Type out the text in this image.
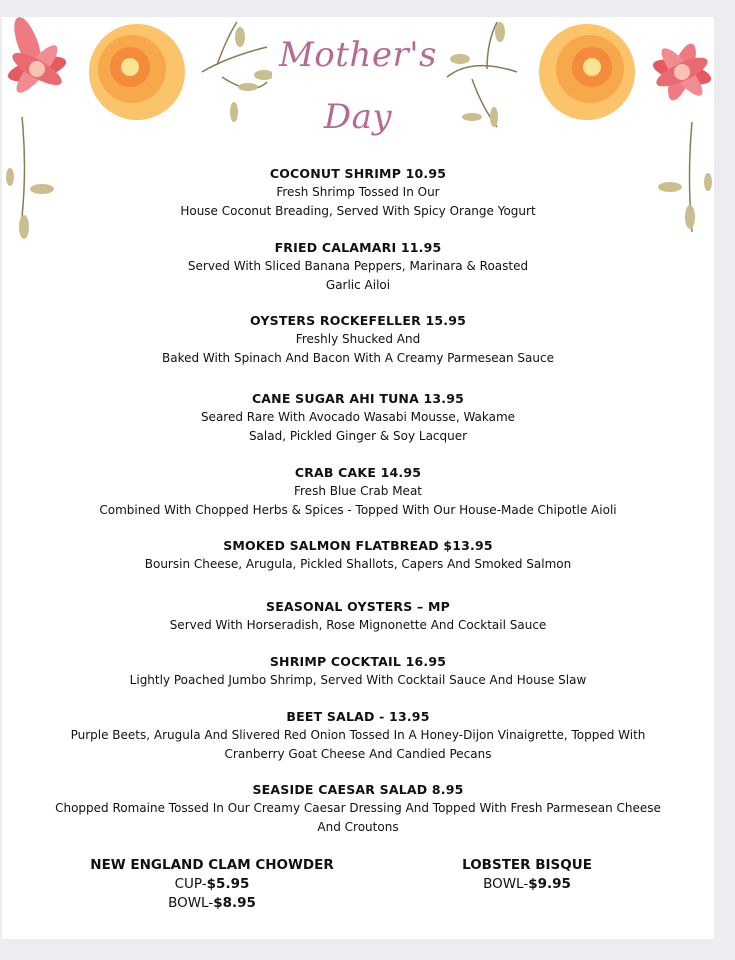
Mother's
Day
COCONUT SHRIMP 10.95
Fresh Shrimp Tossed In Our
House Coconut Breading, Served With Spicy Orange Yogurt
FRIED CALAMARI 11.95
Served With Sliced Banana Peppers, Marinara & Roasted
Garlic Ailoi
OYSTERS ROCKEFELLER 15.95
Freshly Shucked And
Baked With Spinach And Bacon With A Creamy Parmesean Sauce
CANE SUGAR AHI TUNA 13.95
Seared Rare With Avocado Wasabi Mousse, Wakame
Salad, Pickled Ginger & Soy Lacquer
CRAB CAKE 14.95
Fresh Blue Crab Meat
Combined With Chopped Herbs & Spices - Topped With Our House-Made Chipotle Aioli
SMOKED SALMON FLATBREAD $13.95
Boursin Cheese, Arugula, Pickled Shallots, Capers And Smoked Salmon
SEASONAL OYSTERS – MP
Served With Horseradish, Rose Mignonette And Cocktail Sauce
SHRIMP COCKTAIL 16.95
Lightly Poached Jumbo Shrimp, Served With Cocktail Sauce And House Slaw
BEET SALAD - 13.95
Purple Beets, Arugula And Slivered Red Onion Tossed In A Honey-Dijon Vinaigrette, Topped With
Cranberry Goat Cheese And Candied Pecans
SEASIDE CAESAR SALAD 8.95
Chopped Romaine Tossed In Our Creamy Caesar Dressing And Topped With Fresh Parmesean Cheese
And Croutons
NEW ENGLAND CLAM CHOWDER
CUP-$5.95
BOWL-$8.95
LOBSTER BISQUE
BOWL-$9.95
